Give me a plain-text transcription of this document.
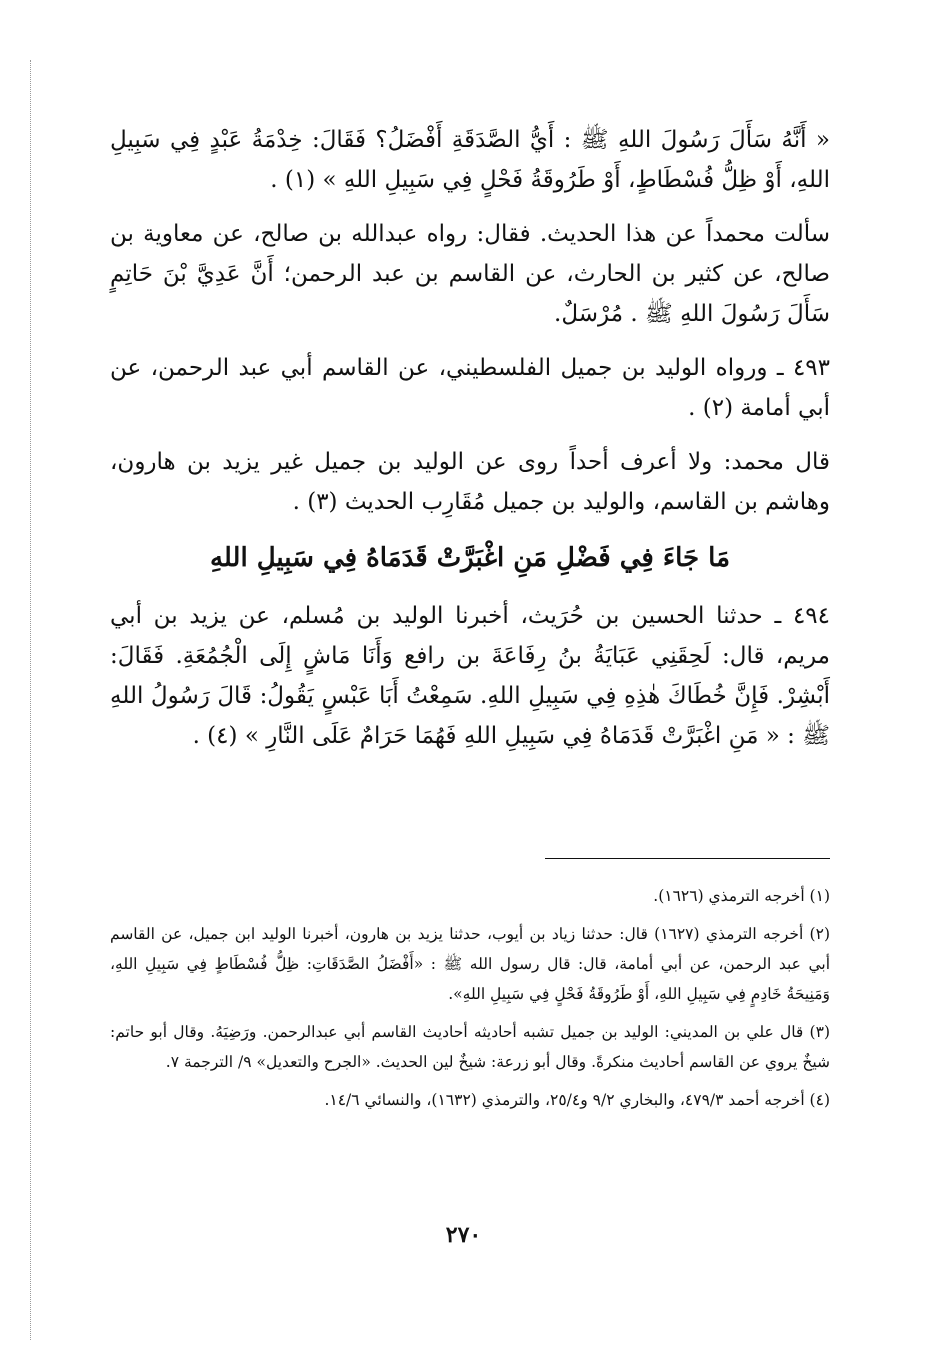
« أَنَّهُ سَأَلَ رَسُولَ اللهِ ﷺ : أَيُّ الصَّدَقَةِ أَفْضَلُ؟ فَقَالَ: خِدْمَةُ عَبْدٍ فِي سَبِيلِ اللهِ، أَوْ ظِلُّ فُسْطَاطٍ، أَوْ طَرُوقَةُ فَحْلٍ فِي سَبِيلِ اللهِ » (١) .

سألت محمداً عن هذا الحديث. فقال: رواه عبدالله بن صالح، عن معاوية بن صالح، عن كثير بن الحارث، عن القاسم بن عبد الرحمن؛ أَنَّ عَدِيَّ بْنَ حَاتِمٍ سَأَلَ رَسُولَ اللهِ ﷺ . مُرْسَلٌ.

٤٩٣ ـ ورواه الوليد بن جميل الفلسطيني، عن القاسم أبي عبد الرحمن، عن أبي أمامة (٢) .

قال محمد: ولا أعرف أحداً روى عن الوليد بن جميل غير يزيد بن هارون، وهاشم بن القاسم، والوليد بن جميل مُقَارِب الحديث (٣) .

مَا جَاءَ فِي فَضْلِ مَنِ اغْبَرَّتْ قَدَمَاهُ فِي سَبِيلِ اللهِ

٤٩٤ ـ حدثنا الحسين بن حُرَيث، أخبرنا الوليد بن مُسلم، عن يزيد بن أبي مريم، قال: لَحِقَنِي عَبَايَةُ بنُ رِفَاعَةَ بن رافع وَأَنَا مَاشٍ إِلَى الْجُمُعَةِ. فَقَالَ: أَبْشِرْ. فَإِنَّ خُطَاكَ هٰذِهِ فِي سَبِيلِ اللهِ. سَمِعْتُ أَبَا عَبْسٍ يَقُولُ: قَالَ رَسُولُ اللهِ ﷺ : « مَنِ اغْبَرَّتْ قَدَمَاهُ فِي سَبِيلِ اللهِ فَهُمَا حَرَامٌ عَلَى النَّارِ » (٤) .

(١) أخرجه الترمذي (١٦٢٦).

(٢) أخرجه الترمذي (١٦٢٧) قال: حدثنا زياد بن أيوب، حدثنا يزيد بن هارون، أخبرنا الوليد ابن جميل، عن القاسم أبي عبد الرحمن، عن أبي أمامة، قال: قال رسول الله ﷺ : «أَفْضَلُ الصَّدَقَاتِ: ظِلُّ فُسْطَاطٍ فِي سَبِيلِ اللهِ، وَمَنِيحَةُ خَادِمٍ فِي سَبِيلِ اللهِ، أَوْ طَرُوقَةُ فَحْلٍ فِي سَبِيلِ اللهِ».

(٣) قال علي بن المديني: الوليد بن جميل تشبه أحاديثه أحاديث القاسم أبي عبدالرحمن. ورَضِيَهُ. وقال أبو حاتم: شيخٌ يروي عن القاسم أحاديث منكرةً. وقال أبو زرعة: شيخٌ لين الحديث. «الجرح والتعديل» ٩/ الترجمة ٧.

(٤) أخرجه أحمد ٤٧٩/٣، والبخاري ٩/٢ و٢٥/٤، والترمذي (١٦٣٢)، والنسائي ١٤/٦.

٢٧٠
